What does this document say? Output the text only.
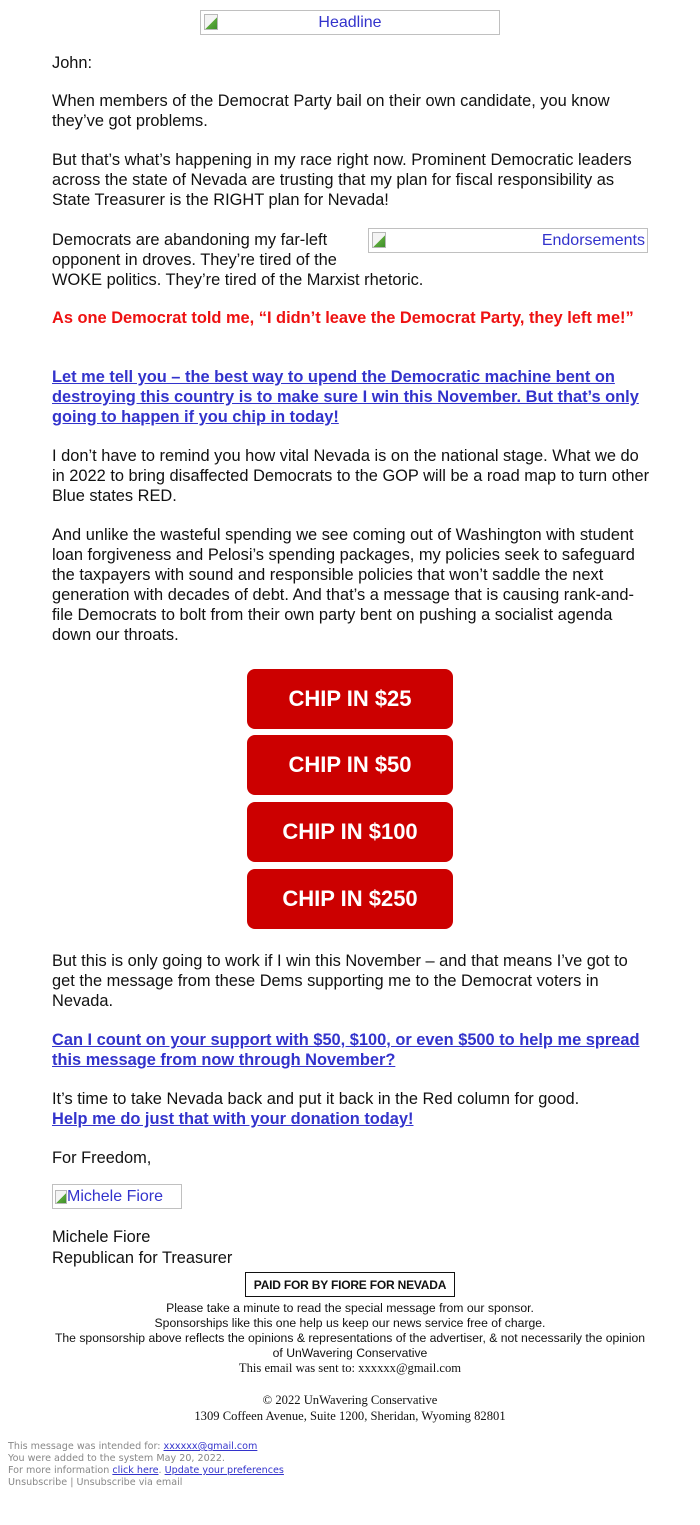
Headline

John:

When members of the Democrat Party bail on their own candidate, you know they’ve got problems.

But that’s what’s happening in my race right now. Prominent Democratic leaders across the state of Nevada are trusting that my plan for fiscal responsibility as State Treasurer is the RIGHT plan for Nevada!

Endorsements

Democrats are abandoning my far-left opponent in droves. They’re tired of the WOKE politics. They’re tired of the Marxist rhetoric.

As one Democrat told me, “I didn’t leave the Democrat Party, they left me!”

Let me tell you – the best way to upend the Democratic machine bent on destroying this country is to make sure I win this November. But that’s only going to happen if you chip in today!

I don’t have to remind you how vital Nevada is on the national stage. What we do in 2022 to bring disaffected Democrats to the GOP will be a road map to turn other Blue states RED.

And unlike the wasteful spending we see coming out of Washington with student loan forgiveness and Pelosi’s spending packages, my policies seek to safeguard the taxpayers with sound and responsible policies that won’t saddle the next generation with decades of debt. And that’s a message that is causing rank-and-file Democrats to bolt from their own party bent on pushing a socialist agenda down our throats.

CHIP IN $25
CHIP IN $50
CHIP IN $100
CHIP IN $250

But this is only going to work if I win this November – and that means I’ve got to get the message from these Dems supporting me to the Democrat voters in Nevada.

Can I count on your support with $50, $100, or even $500 to help me spread this message from now through November?

It’s time to take Nevada back and put it back in the Red column for good.
Help me do just that with your donation today!

For Freedom,

Michele Fiore

Michele Fiore

Republican for Treasurer

PAID FOR BY FIORE FOR NEVADA
Please take a minute to read the special message from our sponsor.
Sponsorships like this one help us keep our news service free of charge.
The sponsorship above reflects the opinions & representations of the advertiser, & not necessarily the opinion
of UnWavering Conservative
This email was sent to: xxxxxx@gmail.com
© 2022 UnWavering Conservative
1309 Coffeen Avenue, Suite 1200, Sheridan, Wyoming 82801
This message was intended for: xxxxxx@gmail.com
You were added to the system May 20, 2022.
For more information click here. Update your preferences
Unsubscribe | Unsubscribe via email
